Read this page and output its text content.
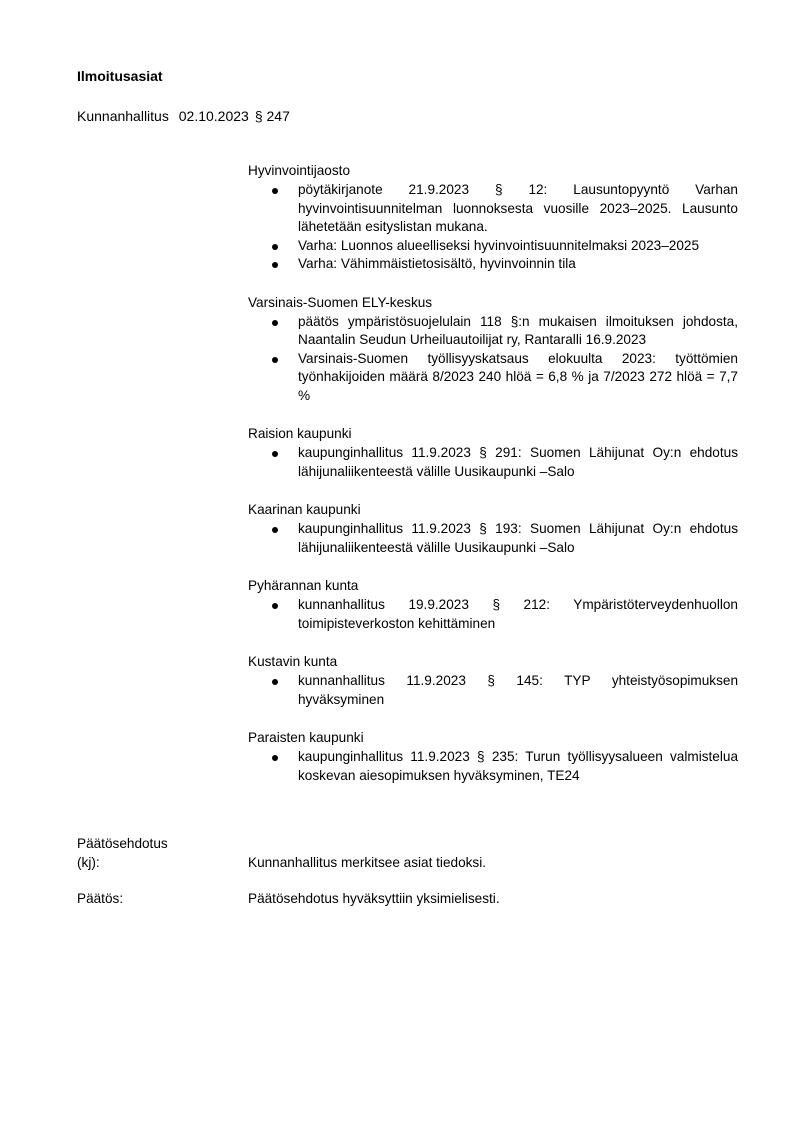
Ilmoitusasiat
Kunnanhallitus 02.10.2023 § 247
Hyvinvointijaosto
pöytäkirjanote 21.9.2023 § 12: Lausuntopyyntö Varhan hyvinvointisuunnitelman luonnoksesta vuosille 2023–2025. Lausunto lähetetään esityslistan mukana.
Varha: Luonnos alueelliseksi hyvinvointisuunnitelmaksi 2023–2025
Varha: Vähimmäistietosisältö, hyvinvoinnin tila
Varsinais-Suomen ELY-keskus
päätös ympäristösuojelulain 118 §:n mukaisen ilmoituksen johdosta, Naantalin Seudun Urheiluautoilijat ry, Rantaralli 16.9.2023
Varsinais-Suomen työllisyyskatsaus elokuulta 2023: työttömien työnhakijoiden määrä 8/2023 240 hlöä = 6,8 % ja 7/2023 272 hlöä = 7,7 %
Raision kaupunki
kaupunginhallitus 11.9.2023 § 291: Suomen Lähijunat Oy:n ehdotus lähijunaliikenteestä välille Uusikaupunki –Salo
Kaarinan kaupunki
kaupunginhallitus 11.9.2023 § 193: Suomen Lähijunat Oy:n ehdotus lähijunaliikenteestä välille Uusikaupunki –Salo
Pyhärannan kunta
kunnanhallitus 19.9.2023 § 212: Ympäristöterveydenhuollon toimipisteverkoston kehittäminen
Kustavin kunta
kunnanhallitus 11.9.2023 § 145: TYP yhteistyösopimuksen hyväksyminen
Paraisten kaupunki
kaupunginhallitus 11.9.2023 § 235: Turun työllisyysalueen valmistelua koskevan aiesopimuksen hyväksyminen, TE24
Päätösehdotus
(kj):	Kunnanhallitus merkitsee asiat tiedoksi.
Päätös:	Päätösehdotus hyväksyttiin yksimielisesti.
